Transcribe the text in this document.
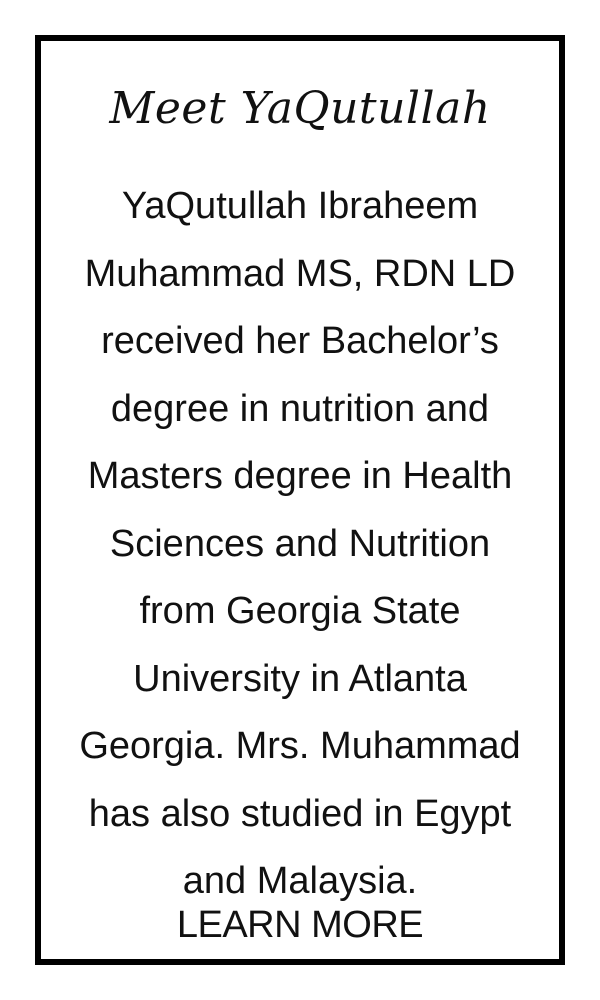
Meet YaQutullah
YaQutullah Ibraheem
Muhammad MS, RDN LD
received her Bachelor’s
degree in nutrition and
Masters degree in Health
Sciences and Nutrition
from Georgia State
University in Atlanta
Georgia. Mrs. Muhammad
has also studied in Egypt
and Malaysia.
LEARN MORE
